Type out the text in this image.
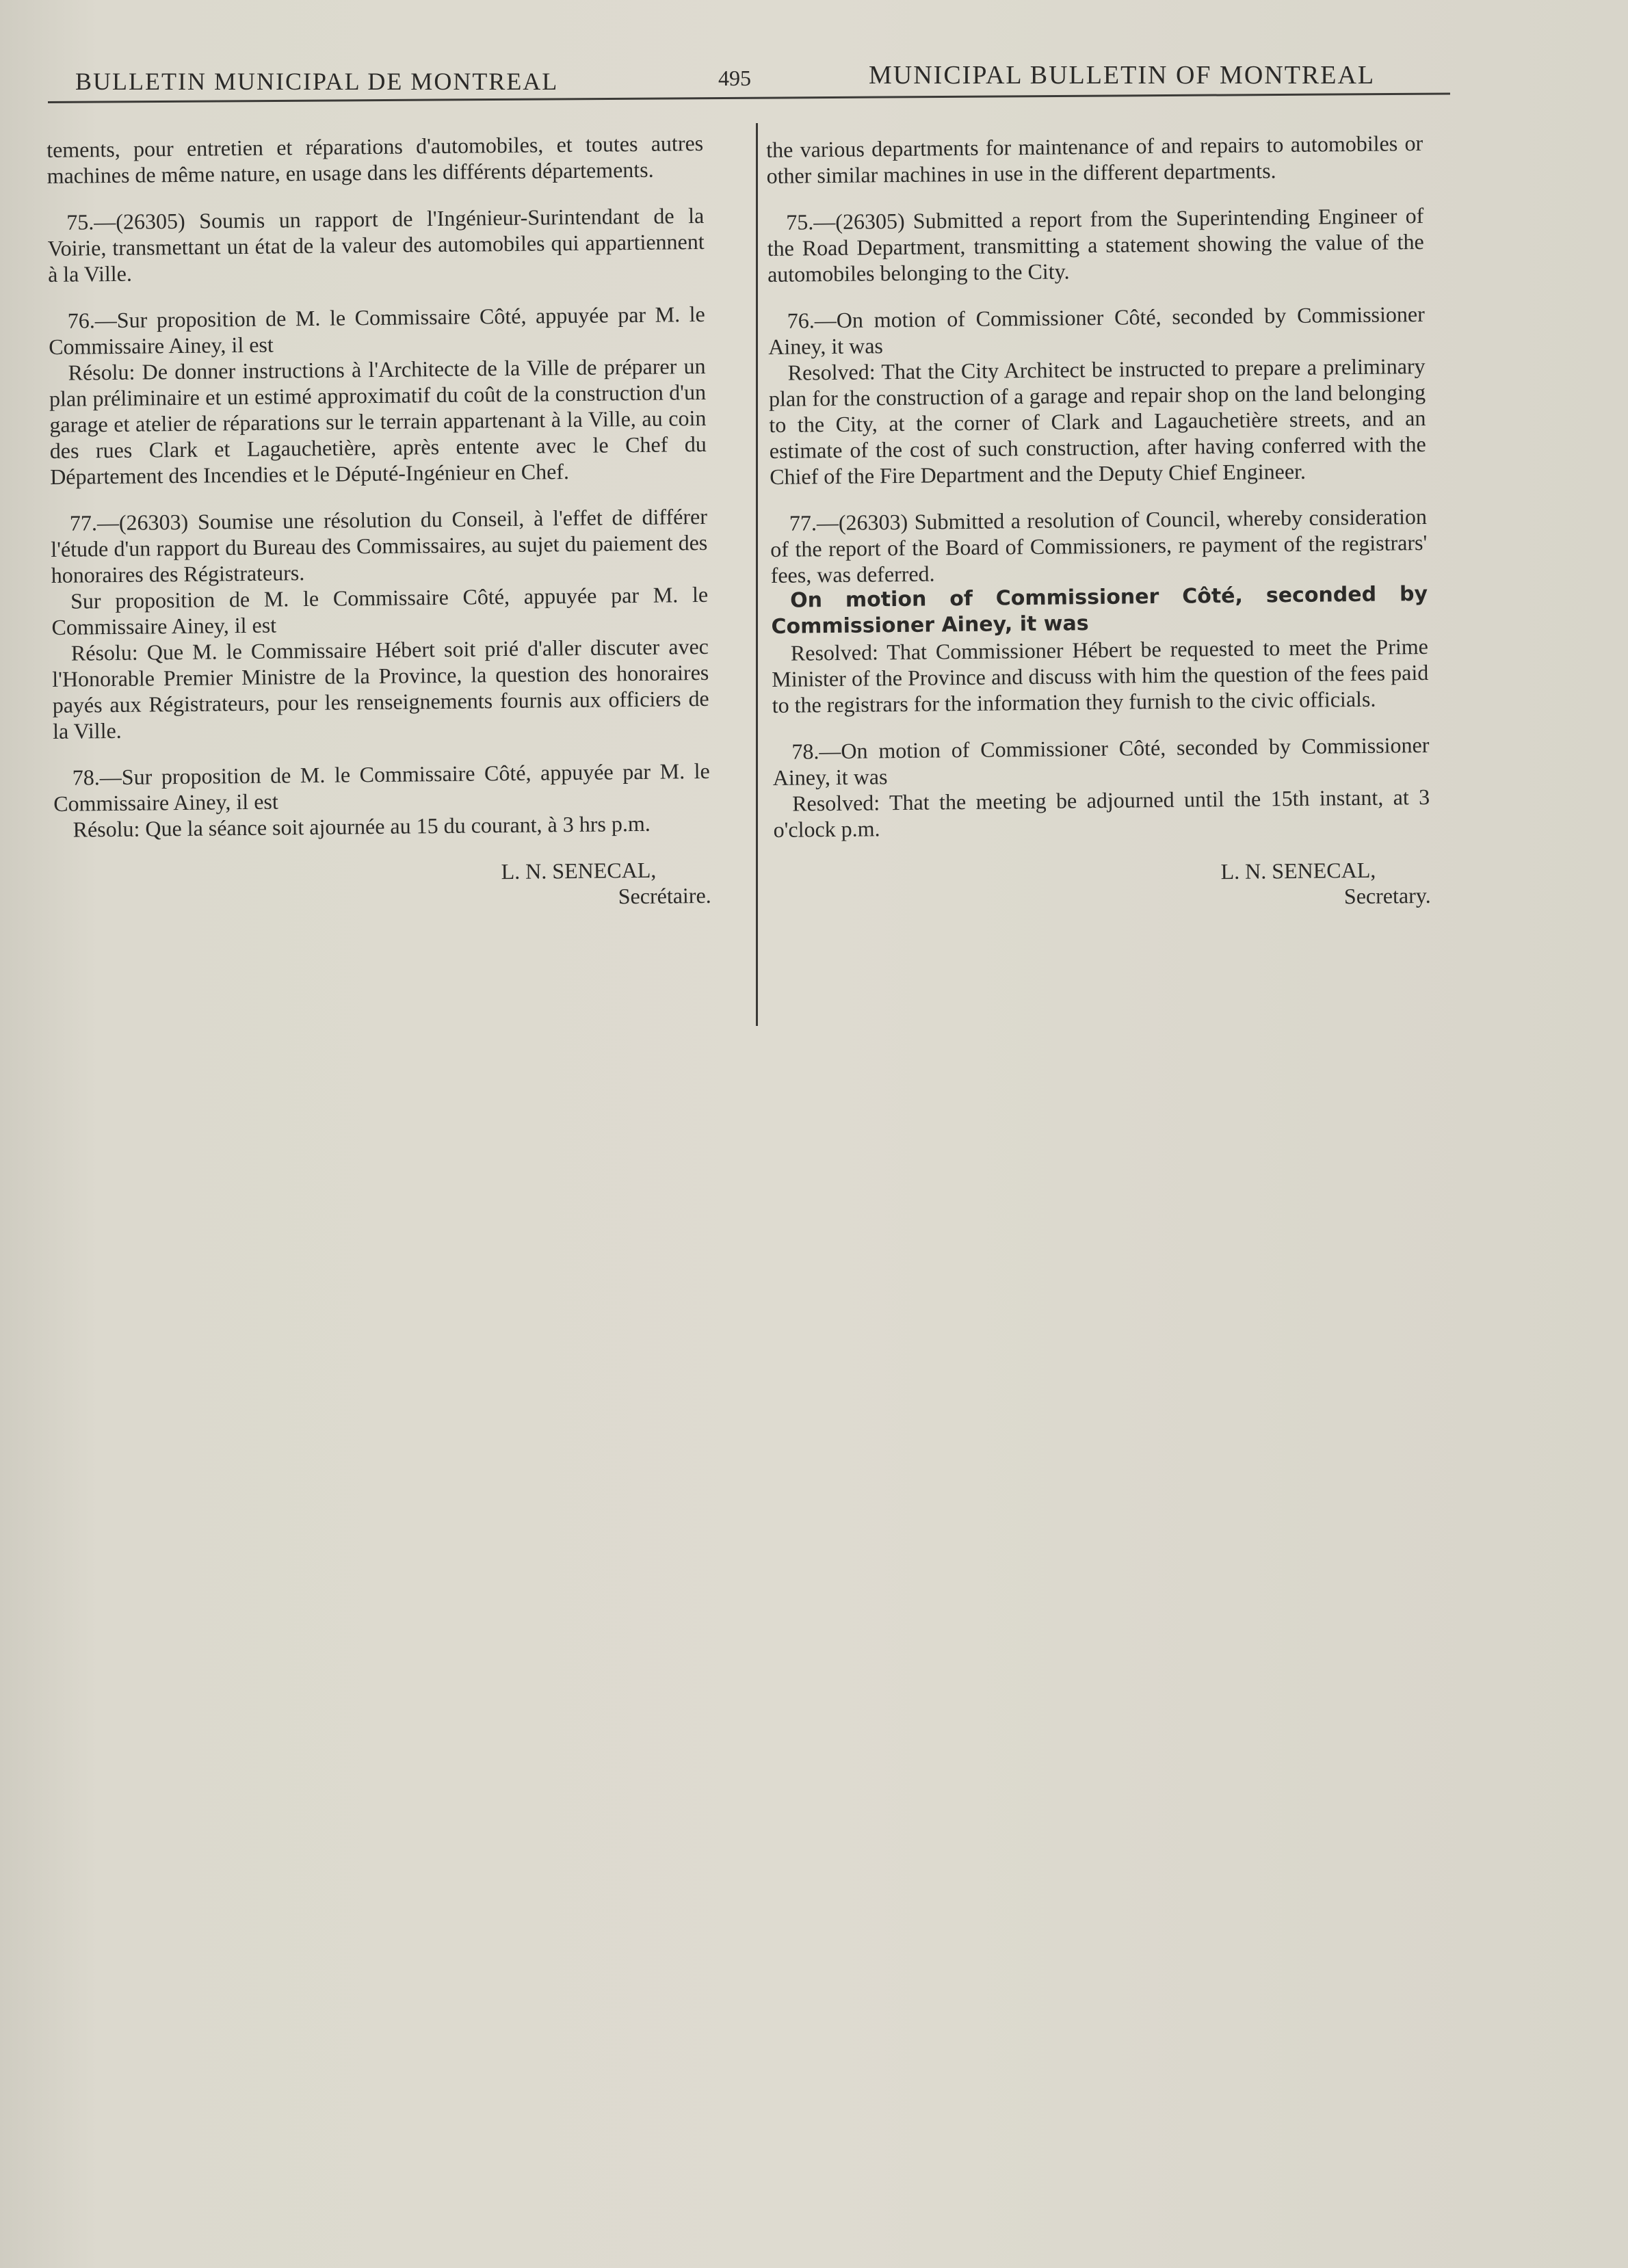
BULLETIN MUNICIPAL DE MONTREAL	495	MUNICIPAL BULLETIN OF MONTREAL

tements, pour entretien et réparations d'automobiles, et toutes autres machines de même nature, en usage dans les différents départements.

75.—(26305) Soumis un rapport de l'Ingénieur-Surintendant de la Voirie, transmettant un état de la valeur des automobiles qui appartiennent à la Ville.

76.—Sur proposition de M. le Commissaire Côté, appuyée par M. le Commissaire Ainey, il est

Résolu: De donner instructions à l'Architecte de la Ville de préparer un plan préliminaire et un estimé approximatif du coût de la construction d'un garage et atelier de réparations sur le terrain appartenant à la Ville, au coin des rues Clark et Lagauchetière, après entente avec le Chef du Département des Incendies et le Député-Ingénieur en Chef.

77.—(26303) Soumise une résolution du Conseil, à l'effet de différer l'étude d'un rapport du Bureau des Commissaires, au sujet du paiement des honoraires des Régistrateurs.

Sur proposition de M. le Commissaire Côté, appuyée par M. le Commissaire Ainey, il est

Résolu: Que M. le Commissaire Hébert soit prié d'aller discuter avec l'Honorable Premier Ministre de la Province, la question des honoraires payés aux Régistrateurs, pour les renseignements fournis aux officiers de la Ville.

78.—Sur proposition de M. le Commissaire Côté, appuyée par M. le Commissaire Ainey, il est

Résolu: Que la séance soit ajournée au 15 du courant, à 3 hrs p.m.

L. N. SENECAL,
Secrétaire.

the various departments for maintenance of and repairs to automobiles or other similar machines in use in the different departments.

75.—(26305) Submitted a report from the Superintending Engineer of the Road Department, transmitting a statement showing the value of the automobiles belonging to the City.

76.—On motion of Commissioner Côté, seconded by Commissioner Ainey, it was

Resolved: That the City Architect be instructed to prepare a preliminary plan for the construction of a garage and repair shop on the land belonging to the City, at the corner of Clark and Lagauchetière streets, and an estimate of the cost of such construction, after having conferred with the Chief of the Fire Department and the Deputy Chief Engineer.

77.—(26303) Submitted a resolution of Council, whereby consideration of the report of the Board of Commissioners, re payment of the registrars' fees, was deferred.

On motion of Commissioner Côté, seconded by Commissioner Ainey, it was

Resolved: That Commissioner Hébert be requested to meet the Prime Minister of the Province and discuss with him the question of the fees paid to the registrars for the information they furnish to the civic officials.

78.—On motion of Commissioner Côté, seconded by Commissioner Ainey, it was

Resolved: That the meeting be adjourned until the 15th instant, at 3 o'clock p.m.

L. N. SENECAL,
Secretary.
